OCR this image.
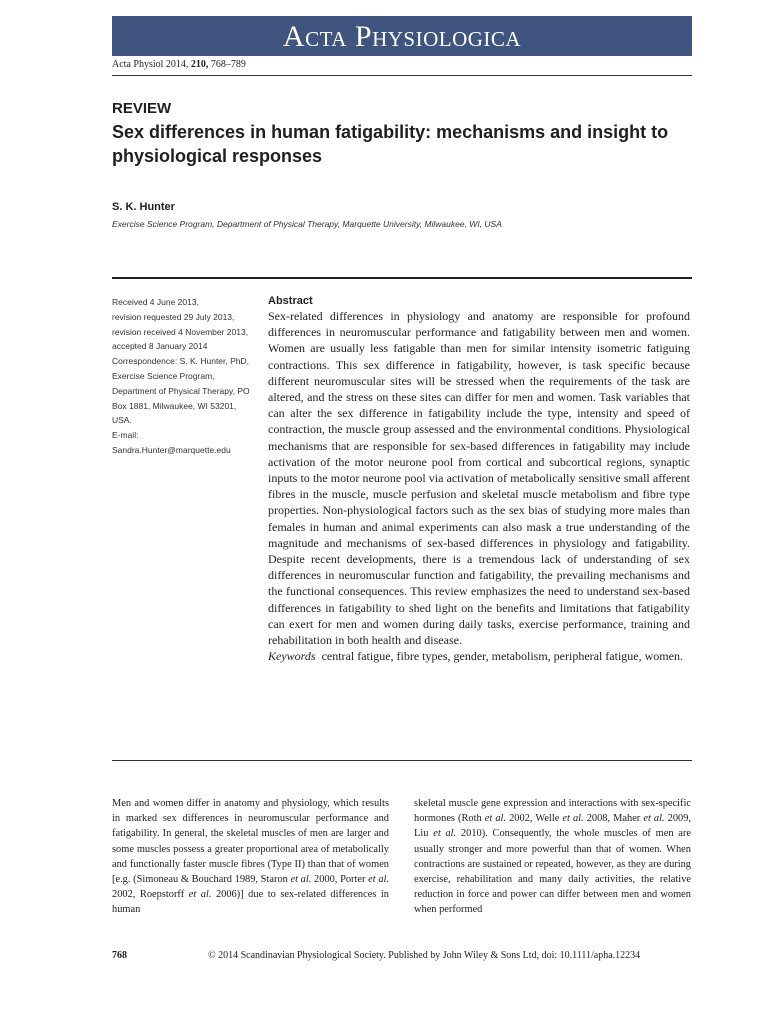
Acta Physiologica
Acta Physiol 2014, 210, 768–789
REVIEW
Sex differences in human fatigability: mechanisms and insight to physiological responses
S. K. Hunter
Exercise Science Program, Department of Physical Therapy, Marquette University, Milwaukee, WI, USA
Received 4 June 2013,
revision requested 29 July 2013,
revision received 4 November 2013,
accepted 8 January 2014
Correspondence: S. K. Hunter, PhD, Exercise Science Program, Department of Physical Therapy, PO Box 1881, Milwaukee, WI 53201, USA.
E-mail: Sandra.Hunter@marquette.edu
Abstract
Sex-related differences in physiology and anatomy are responsible for profound differences in neuromuscular performance and fatigability between men and women. Women are usually less fatigable than men for similar intensity isometric fatiguing contractions. This sex difference in fatigability, however, is task specific because different neuromuscular sites will be stressed when the requirements of the task are altered, and the stress on these sites can differ for men and women. Task variables that can alter the sex difference in fatigability include the type, intensity and speed of contraction, the muscle group assessed and the environmental conditions. Physiological mechanisms that are responsible for sex-based differences in fatigability may include activation of the motor neurone pool from cortical and subcortical regions, synaptic inputs to the motor neurone pool via activation of metabolically sensitive small afferent fibres in the muscle, muscle perfusion and skeletal muscle metabolism and fibre type properties. Non-physiological factors such as the sex bias of studying more males than females in human and animal experiments can also mask a true understanding of the magnitude and mechanisms of sex-based differences in physiology and fatigability. Despite recent developments, there is a tremendous lack of understanding of sex differences in neuromuscular function and fatigability, the prevailing mechanisms and the functional consequences. This review emphasizes the need to understand sex-based differences in fatigability to shed light on the benefits and limitations that fatigability can exert for men and women during daily tasks, exercise performance, training and rehabilitation in both health and disease.
Keywords central fatigue, fibre types, gender, metabolism, peripheral fatigue, women.
Men and women differ in anatomy and physiology, which results in marked sex differences in neuromuscular performance and fatigability. In general, the skeletal muscles of men are larger and some muscles possess a greater proportional area of metabolically and functionally faster muscle fibres (Type II) than that of women [e.g. (Simoneau & Bouchard 1989, Staron et al. 2000, Porter et al. 2002, Roepstorff et al. 2006)] due to sex-related differences in human
skeletal muscle gene expression and interactions with sex-specific hormones (Roth et al. 2002, Welle et al. 2008, Maher et al. 2009, Liu et al. 2010). Consequently, the whole muscles of men are usually stronger and more powerful than that of women. When contractions are sustained or repeated, however, as they are during exercise, rehabilitation and many daily activities, the relative reduction in force and power can differ between men and women when performed
768	© 2014 Scandinavian Physiological Society. Published by John Wiley & Sons Ltd, doi: 10.1111/apha.12234
